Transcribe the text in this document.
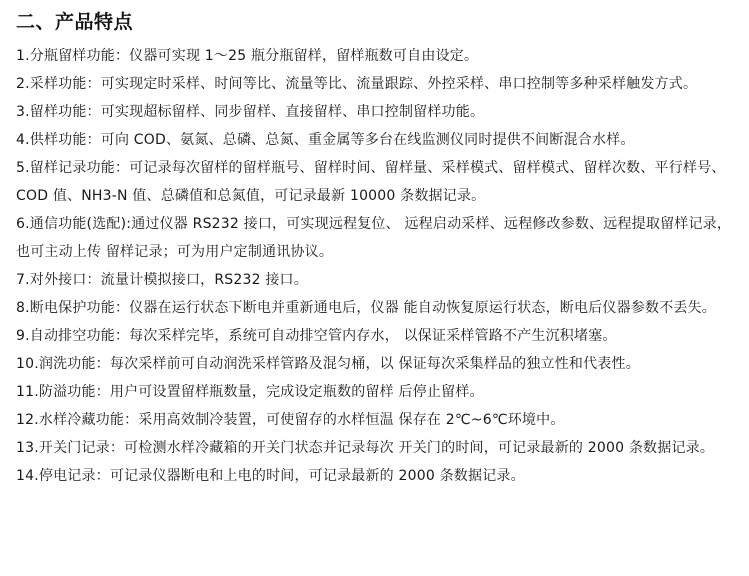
二、产品特点
1.分瓶留样功能：仪器可实现 1～25 瓶分瓶留样，留样瓶数可自由设定。
2.采样功能：可实现定时采样、时间等比、流量等比、流量跟踪、外控采样、串口控制等多种采样触发方式。
3.留样功能：可实现超标留样、同步留样、直接留样、串口控制留样功能。
4.供样功能：可向 COD、氨氮、总磷、总氮、重金属等多台在线监测仪同时提供不间断混合水样。
5.留样记录功能：可记录每次留样的留样瓶号、留样时间、留样量、采样模式、留样模式、留样次数、平行样号、COD 值、NH3-N 值、总磷值和总氮值，可记录最新 10000 条数据记录。
6.通信功能(选配):通过仪器 RS232 接口，可实现远程复位、 远程启动采样、远程修改参数、远程提取留样记录，也可主动上传 留样记录；可为用户定制通讯协议。
7.对外接口：流量计模拟接口，RS232 接口。
8.断电保护功能：仪器在运行状态下断电并重新通电后，仪器 能自动恢复原运行状态，断电后仪器参数不丢失。
9.自动排空功能：每次采样完毕，系统可自动排空管内存水， 以保证采样管路不产生沉积堵塞。
10.润洗功能：每次采样前可自动润洗采样管路及混匀桶，以 保证每次采集样品的独立性和代表性。
11.防溢功能：用户可设置留样瓶数量，完成设定瓶数的留样 后停止留样。
12.水样冷藏功能：采用高效制冷装置，可使留存的水样恒温 保存在 2℃~6℃环境中。
13.开关门记录：可检测水样冷藏箱的开关门状态并记录每次 开关门的时间，可记录最新的 2000 条数据记录。
14.停电记录：可记录仪器断电和上电的时间，可记录最新的 2000 条数据记录。
